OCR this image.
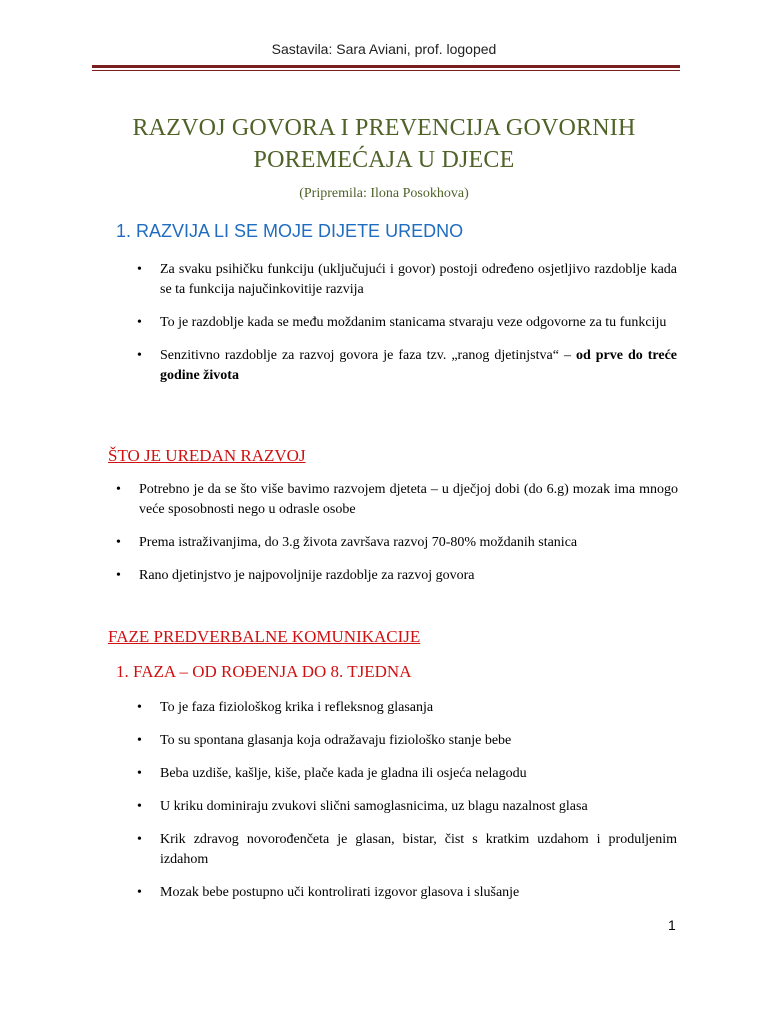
Sastavila: Sara Aviani, prof. logoped
RAZVOJ GOVORA I PREVENCIJA GOVORNIH
POREMEĆAJA U DJECE
(Pripremila: Ilona Posokhova)
1. RAZVIJA LI SE MOJE DIJETE UREDNO
• Za svaku psihičku funkciju (uključujući i govor) postoji određeno osjetljivo razdoblje kada se ta funkcija najučinkovitije razvija
• To je razdoblje kada se među moždanim stanicama stvaraju veze odgovorne za tu funkciju
• Senzitivno razdoblje za razvoj govora je faza tzv. „ranog djetinjstva“ – od prve do treće godine života
ŠTO JE UREDAN RAZVOJ
• Potrebno je da se što više bavimo razvojem djeteta – u dječjoj dobi (do 6.g) mozak ima mnogo veće sposobnosti nego u odrasle osobe
• Prema istraživanjima, do 3.g života završava razvoj 70-80% moždanih stanica
• Rano djetinjstvo je najpovoljnije razdoblje za razvoj govora
FAZE PREDVERBALNE KOMUNIKACIJE
1. FAZA – OD ROĐENJA DO 8. TJEDNA
• To je faza fiziološkog krika i refleksnog glasanja
• To su spontana glasanja koja odražavaju fiziološko stanje bebe
• Beba uzdiše, kašlje, kiše, plače kada je gladna ili osjeća nelagodu
• U kriku dominiraju zvukovi slični samoglasnicima, uz blagu nazalnost glasa
• Krik zdravog novorođenčeta je glasan, bistar, čist s kratkim uzdahom i produljenim izdahom
• Mozak bebe postupno uči kontrolirati izgovor glasova i slušanje
1
